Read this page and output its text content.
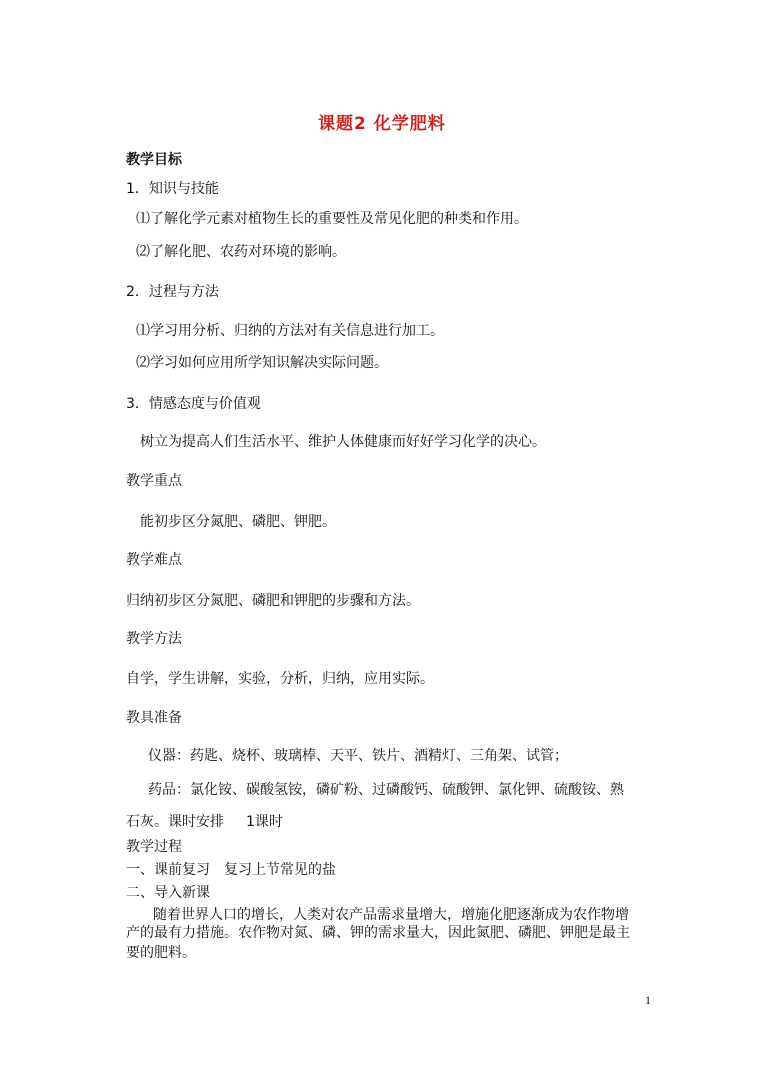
课题2 化学肥料
教学目标
1．知识与技能
⑴了解化学元素对植物生长的重要性及常见化肥的种类和作用。
⑵了解化肥、农药对环境的影响。
2．过程与方法
⑴学习用分析、归纳的方法对有关信息进行加工。
⑵学习如何应用所学知识解决实际问题。
3．情感态度与价值观
树立为提高人们生活水平、维护人体健康而好好学习化学的决心。
教学重点
能初步区分氮肥、磷肥、钾肥。
教学难点
归纳初步区分氮肥、磷肥和钾肥的步骤和方法。
教学方法
自学，学生讲解，实验，分析，归纳，应用实际。
教具准备
仪器：药匙、烧杯、玻璃棒、天平、铁片、酒精灯、三角架、试管；
药品：氯化铵、碳酸氢铵，磷矿粉、过磷酸钙、硫酸钾、氯化钾、硫酸铵、熟
石灰。课时安排 1课时
教学过程
一、课前复习　复习上节常见的盐
二、导入新课
随着世界人口的增长，人类对农产品需求量增大，增施化肥逐渐成为农作物增
产的最有力措施。农作物对氮、磷、钾的需求量大，因此氮肥、磷肥、钾肥是最主
要的肥料。
1
